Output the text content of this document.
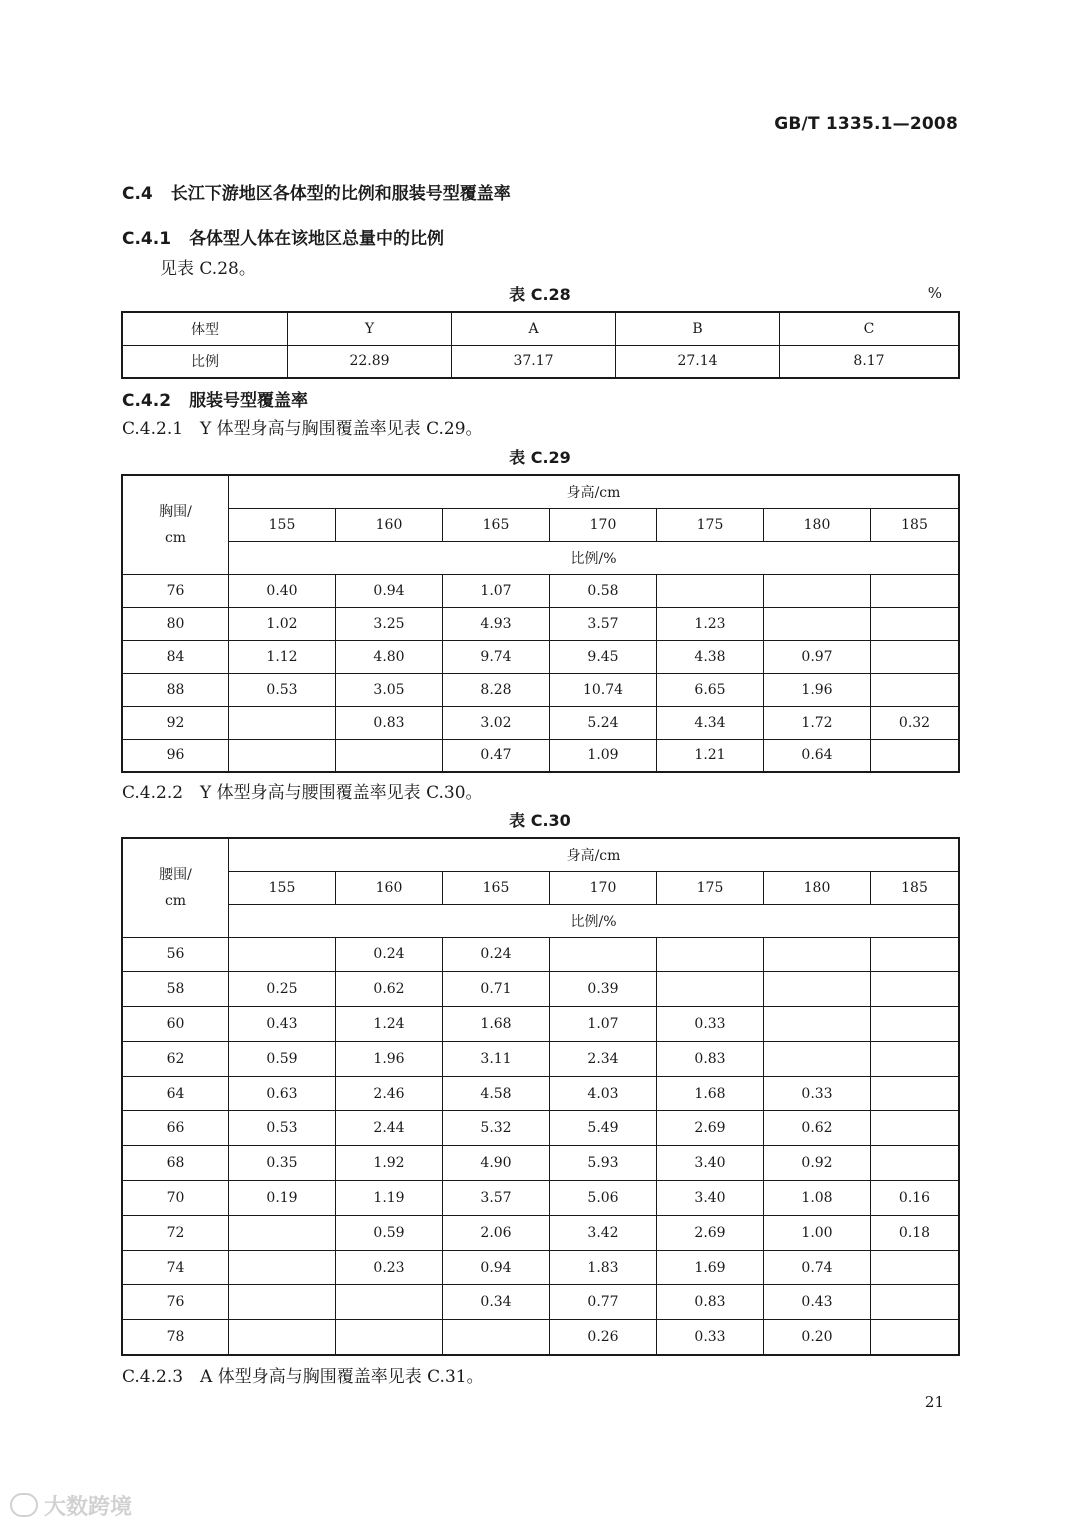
GB/T 1335.1—2008
C.4 长江下游地区各体型的比例和服装号型覆盖率
C.4.1 各体型人体在该地区总量中的比例
见表 C.28。
表 C.28	%
体型	Y	A	B	C
比例	22.89	37.17	27.14	8.17
C.4.2 服装号型覆盖率
C.4.2.1　Y 体型身高与胸围覆盖率见表 C.29。
表 C.29
胸围/
cm	身高/cm						
	155	160	165	170	175	180	185
	比例/%						
76	0.40	0.94	1.07	0.58			
80	1.02	3.25	4.93	3.57	1.23		
84	1.12	4.80	9.74	9.45	4.38	0.97	
88	0.53	3.05	8.28	10.74	6.65	1.96	
92		0.83	3.02	5.24	4.34	1.72	0.32
96			0.47	1.09	1.21	0.64	
C.4.2.2　Y 体型身高与腰围覆盖率见表 C.30。
表 C.30
腰围/
cm	身高/cm						
	155	160	165	170	175	180	185
	比例/%						
56		0.24	0.24				
58	0.25	0.62	0.71	0.39			
60	0.43	1.24	1.68	1.07	0.33		
62	0.59	1.96	3.11	2.34	0.83		
64	0.63	2.46	4.58	4.03	1.68	0.33	
66	0.53	2.44	5.32	5.49	2.69	0.62	
68	0.35	1.92	4.90	5.93	3.40	0.92	
70	0.19	1.19	3.57	5.06	3.40	1.08	0.16
72		0.59	2.06	3.42	2.69	1.00	0.18
74		0.23	0.94	1.83	1.69	0.74	
76			0.34	0.77	0.83	0.43	
78				0.26	0.33	0.20	
C.4.2.3　A 体型身高与胸围覆盖率见表 C.31。
21
大数跨境
